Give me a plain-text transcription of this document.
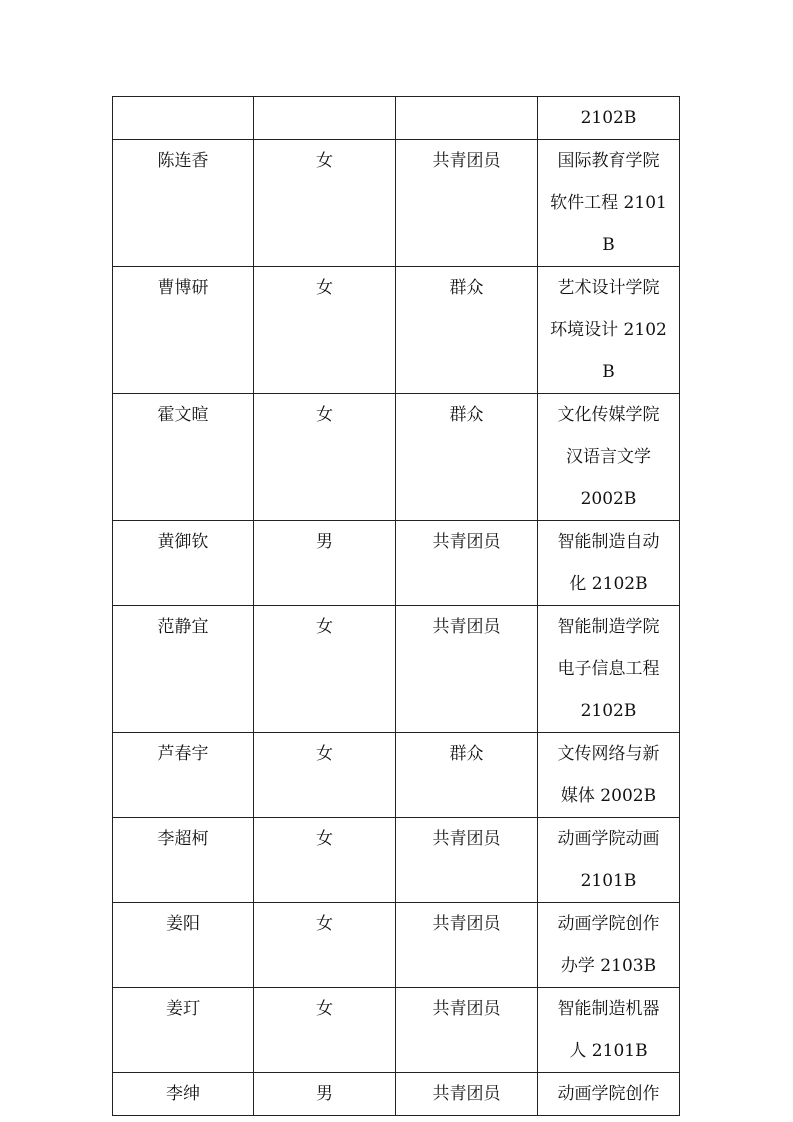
			2102B

陈连香	女	共青团员	国际教育学院
软件工程 2101B

曹博研	女	群众	艺术设计学院
环境设计 2102B

霍文暄	女	群众	文化传媒学院
汉语言文学
2002B

黄御钦	男	共青团员	智能制造自动
化 2102B

范静宜	女	共青团员	智能制造学院
电子信息工程
2102B

芦春宇	女	群众	文传网络与新
媒体 2002B

李超柯	女	共青团员	动画学院动画
2101B

姜阳	女	共青团员	动画学院创作
办学 2103B

姜玎	女	共青团员	智能制造机器
人 2101B

李绅	男	共青团员	动画学院创作
